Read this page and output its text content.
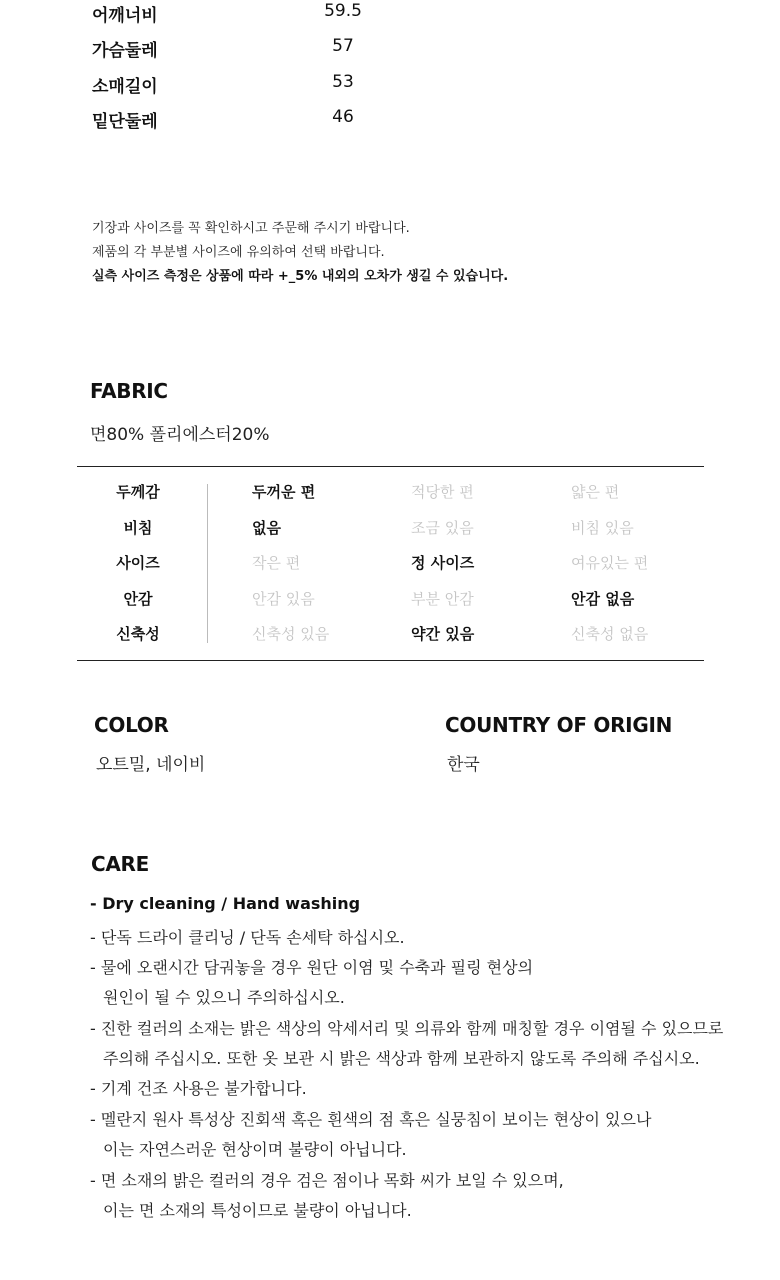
어깨너비	59.5
가슴둘레	57
소매길이	53
밑단둘레	46
기장과 사이즈를 꼭 확인하시고 주문해 주시기 바랍니다.
제품의 각 부분별 사이즈에 유의하여 선택 바랍니다.
실측 사이즈 측정은 상품에 따라 +_5% 내외의 오차가 생길 수 있습니다.
FABRIC
면80% 폴리에스터20%
두께감	두꺼운 편	적당한 편	얇은 편
비침	없음	조금 있음	비침 있음
사이즈	작은 편	정 사이즈	여유있는 편
안감	안감 있음	부분 안감	안감 없음
신축성	신축성 있음	약간 있음	신축성 없음
COLOR
오트밀, 네이비
COUNTRY OF ORIGIN
한국
CARE
- Dry cleaning / Hand washing
- 단독 드라이 클리닝 / 단독 손세탁 하십시오.
- 물에 오랜시간 담궈놓을 경우 원단 이염 및 수축과 필링 현상의
원인이 될 수 있으니 주의하십시오.
- 진한 컬러의 소재는 밝은 색상의 악세서리 및 의류와 함께 매칭할 경우 이염될 수 있으므로
주의해 주십시오. 또한 옷 보관 시 밝은 색상과 함께 보관하지 않도록 주의해 주십시오.
- 기계 건조 사용은 불가합니다.
- 멜란지 원사 특성상 진회색 혹은 흰색의 점 혹은 실뭉침이 보이는 현상이 있으나
이는 자연스러운 현상이며 불량이 아닙니다.
- 면 소재의 밝은 컬러의 경우 검은 점이나 목화 씨가 보일 수 있으며,
이는 면 소재의 특성이므로 불량이 아닙니다.
